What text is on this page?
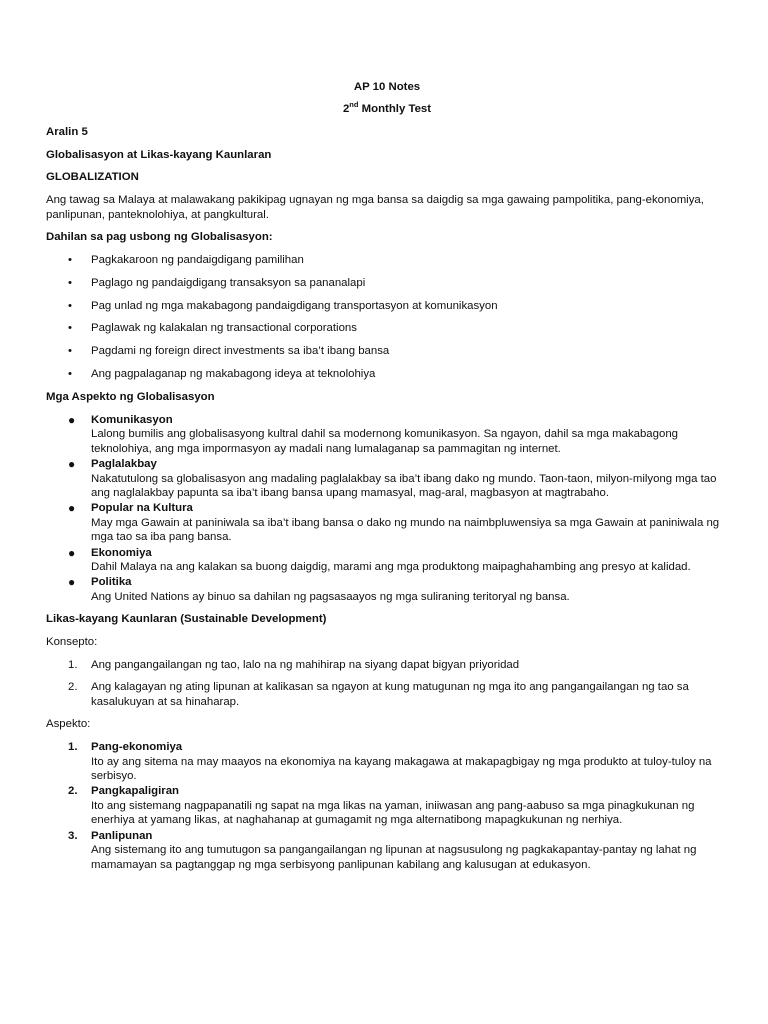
AP 10 Notes
2nd Monthly Test
Aralin 5
Globalisasyon at Likas-kayang Kaunlaran
GLOBALIZATION
Ang tawag sa Malaya at malawakang pakikipag ugnayan ng mga bansa sa daigdig sa mga gawaing pampolitika, pang-ekonomiya, panlipunan, panteknolohiya, at pangkultural.
Dahilan sa pag usbong ng Globalisasyon:
• Pagkakaroon ng pandaigdigang pamilihan
• Paglago ng pandaigdigang transaksyon sa pananalapi
• Pag unlad ng mga makabagong pandaigdigang transportasyon at komunikasyon
• Paglawak ng kalakalan ng transactional corporations
• Pagdami ng foreign direct investments sa iba’t ibang bansa
• Ang pagpalaganap ng makabagong ideya at teknolohiya
Mga Aspekto ng Globalisasyon
● Komunikasyon
Lalong bumilis ang globalisasyong kultral dahil sa modernong komunikasyon. Sa ngayon, dahil sa mga makabagong teknolohiya, ang mga impormasyon ay madali nang lumalaganap sa pammagitan ng internet.
● Paglalakbay
Nakatutulong sa globalisasyon ang madaling paglalakbay sa iba’t ibang dako ng mundo. Taon-taon, milyon-milyong mga tao ang naglalakbay papunta sa iba’t ibang bansa upang mamasyal, mag-aral, magbasyon at magtrabaho.
● Popular na Kultura
May mga Gawain at paniniwala sa iba’t ibang bansa o dako ng mundo na naimbpluwensiya sa mga Gawain at paniniwala ng mga tao sa iba pang bansa.
● Ekonomiya
Dahil Malaya na ang kalakan sa buong daigdig, marami ang mga produktong maipaghahambing ang presyo at kalidad.
● Politika
Ang United Nations ay binuo sa dahilan ng pagsasaayos ng mga suliraning teritoryal ng bansa.
Likas-kayang Kaunlaran (Sustainable Development)
Konsepto:
1. Ang pangangailangan ng tao, lalo na ng mahihirap na siyang dapat bigyan priyoridad
2. Ang kalagayan ng ating lipunan at kalikasan sa ngayon at kung matugunan ng mga ito ang pangangailangan ng tao sa kasalukuyan at sa hinaharap.
Aspekto:
1. Pang-ekonomiya
Ito ay ang sitema na may maayos na ekonomiya na kayang makagawa at makapagbigay ng mga produkto at tuloy-tuloy na serbisyo.
2. Pangkapaligiran
Ito ang sistemang nagpapanatili ng sapat na mga likas na yaman, iniiwasan ang pang-aabuso sa mga pinagkukunan ng enerhiya at yamang likas, at naghahanap at gumagamit ng mga alternatibong mapagkukunan ng nerhiya.
3. Panlipunan
Ang sistemang ito ang tumutugon sa pangangailangan ng lipunan at nagsusulong ng pagkakapantay-pantay ng lahat ng mamamayan sa pagtanggap ng mga serbisyong panlipunan kabilang ang kalusugan at edukasyon.
